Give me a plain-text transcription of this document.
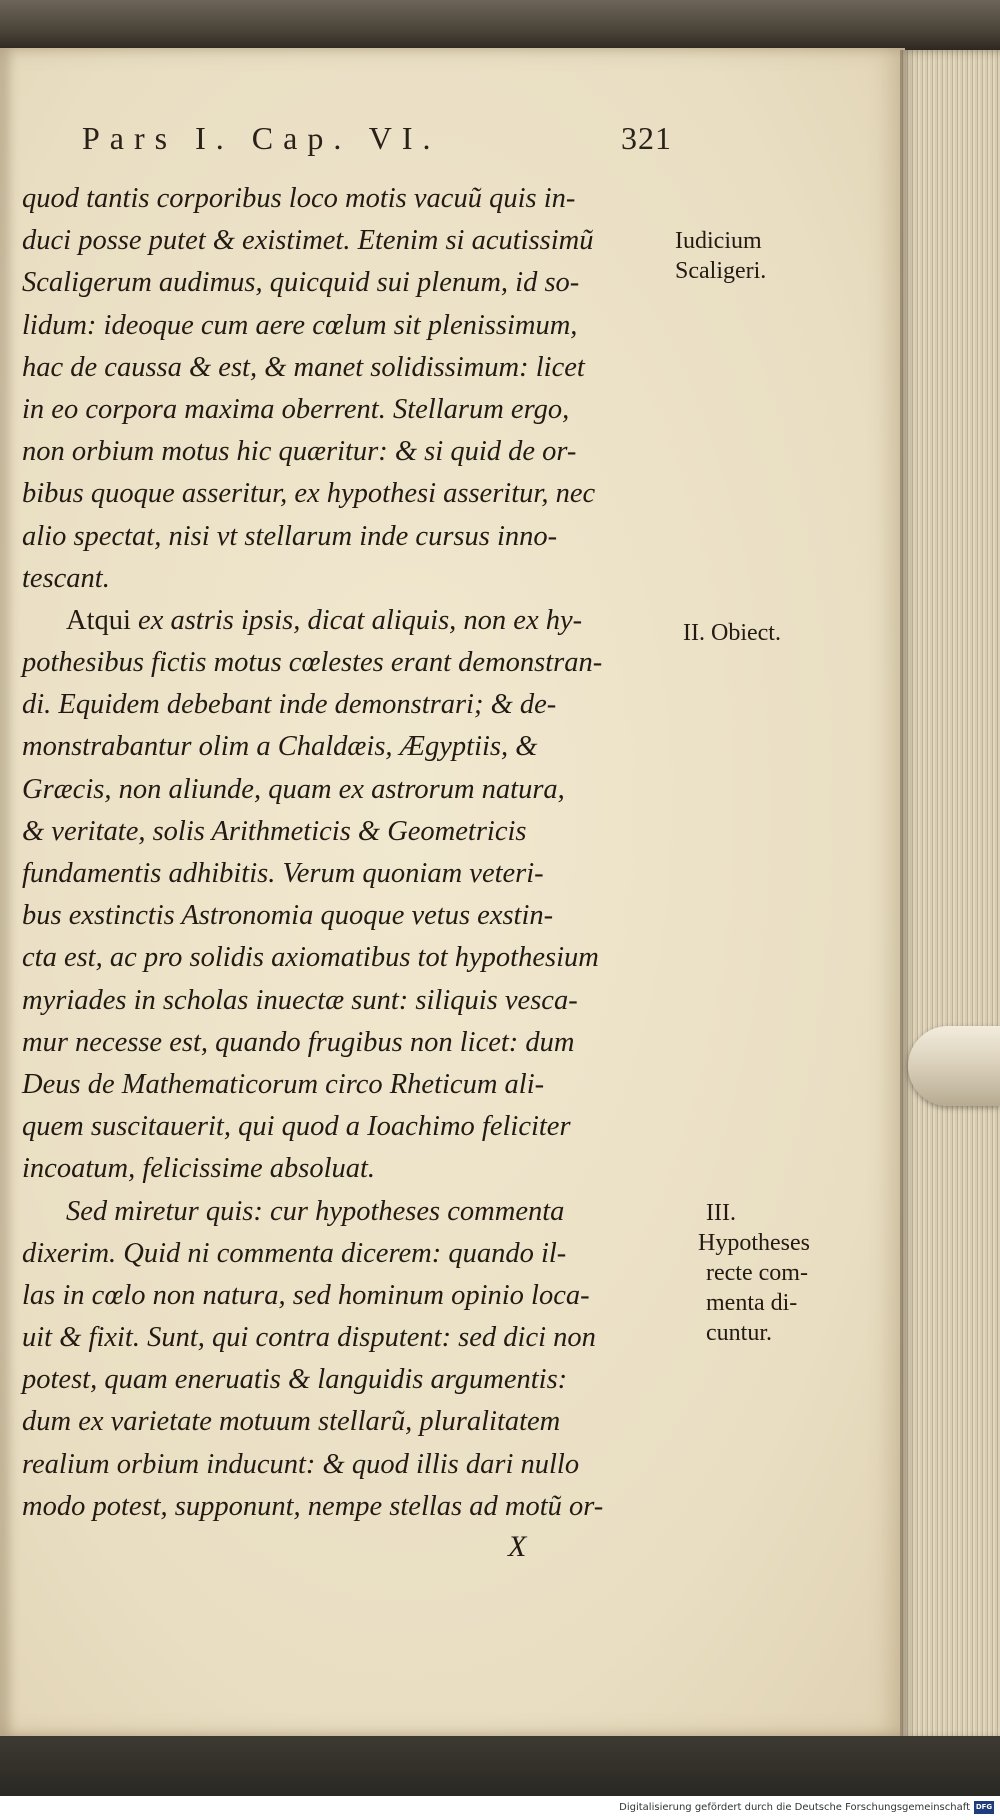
Pars I. Cap. VI.	321
quod tantis corporibus loco motis vacuũ quis in-
duci posse putet & existimet. Etenim si acutissimũ
Scaligerum audimus, quicquid sui plenum, id so-
lidum: ideoque cum aere cœlum sit plenissimum,
hac de caussa & est, & manet solidissimum: licet
in eo corpora maxima oberrent. Stellarum ergo,
non orbium motus hic quæritur: & si quid de or-
bibus quoque asseritur, ex hypothesi asseritur, nec
alio spectat, nisi vt stellarum inde cursus inno-
tescant.
Atqui ex astris ipsis, dicat aliquis, non ex hy-
pothesibus fictis motus cœlestes erant demonstran-
di. Equidem debebant inde demonstrari; & de-
monstrabantur olim a Chaldæis, Ægyptiis, &
Græcis, non aliunde, quam ex astrorum natura,
& veritate, solis Arithmeticis & Geometricis
fundamentis adhibitis. Verum quoniam veteri-
bus exstinctis Astronomia quoque vetus exstin-
cta est, ac pro solidis axiomatibus tot hypothesium
myriades in scholas inuectæ sunt: siliquis vesca-
mur necesse est, quando frugibus non licet: dum
Deus de Mathematicorum circo Rheticum ali-
quem suscitauerit, qui quod a Ioachimo feliciter
incoatum, felicissime absoluat.
Sed miretur quis: cur hypotheses commenta
dixerim. Quid ni commenta dicerem: quando il-
las in cœlo non natura, sed hominum opinio loca-
uit & fixit. Sunt, qui contra disputent: sed dici non
potest, quam eneruatis & languidis argumentis:
dum ex varietate motuum stellarũ, pluralitatem
realium orbium inducunt: & quod illis dari nullo
modo potest, supponunt, nempe stellas ad motũ or-
X
Iudicium
Scaligeri.
II. Obiect.
III.
Hypotheses
recte com-
menta di-
cuntur.
Digitalisierung gefördert durch die Deutsche Forschungsgemeinschaft DFG
